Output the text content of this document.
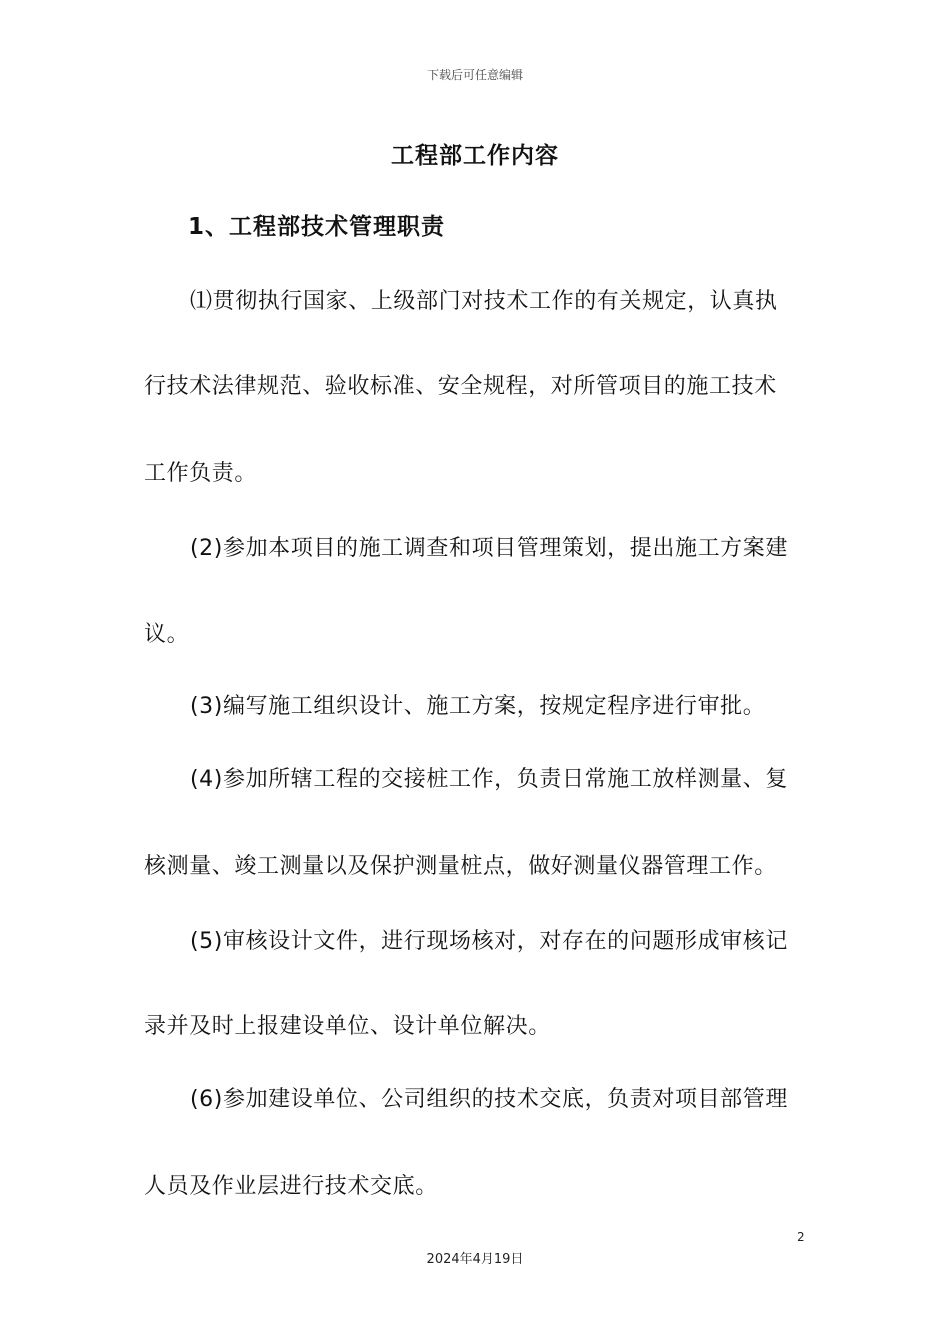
下载后可任意编辑
工程部工作内容
1、工程部技术管理职责
⑴贯彻执行国家、上级部门对技术工作的有关规定，认真执
行技术法律规范、验收标准、安全规程，对所管项目的施工技术
工作负责。
(2)参加本项目的施工调查和项目管理策划，提出施工方案建
议。
(3)编写施工组织设计、施工方案，按规定程序进行审批。
(4)参加所辖工程的交接桩工作，负责日常施工放样测量、复
核测量、竣工测量以及保护测量桩点，做好测量仪器管理工作。
(5)审核设计文件，进行现场核对，对存在的问题形成审核记
录并及时上报建设单位、设计单位解决。
(6)参加建设单位、公司组织的技术交底，负责对项目部管理
人员及作业层进行技术交底。
2
2024年4月19日
